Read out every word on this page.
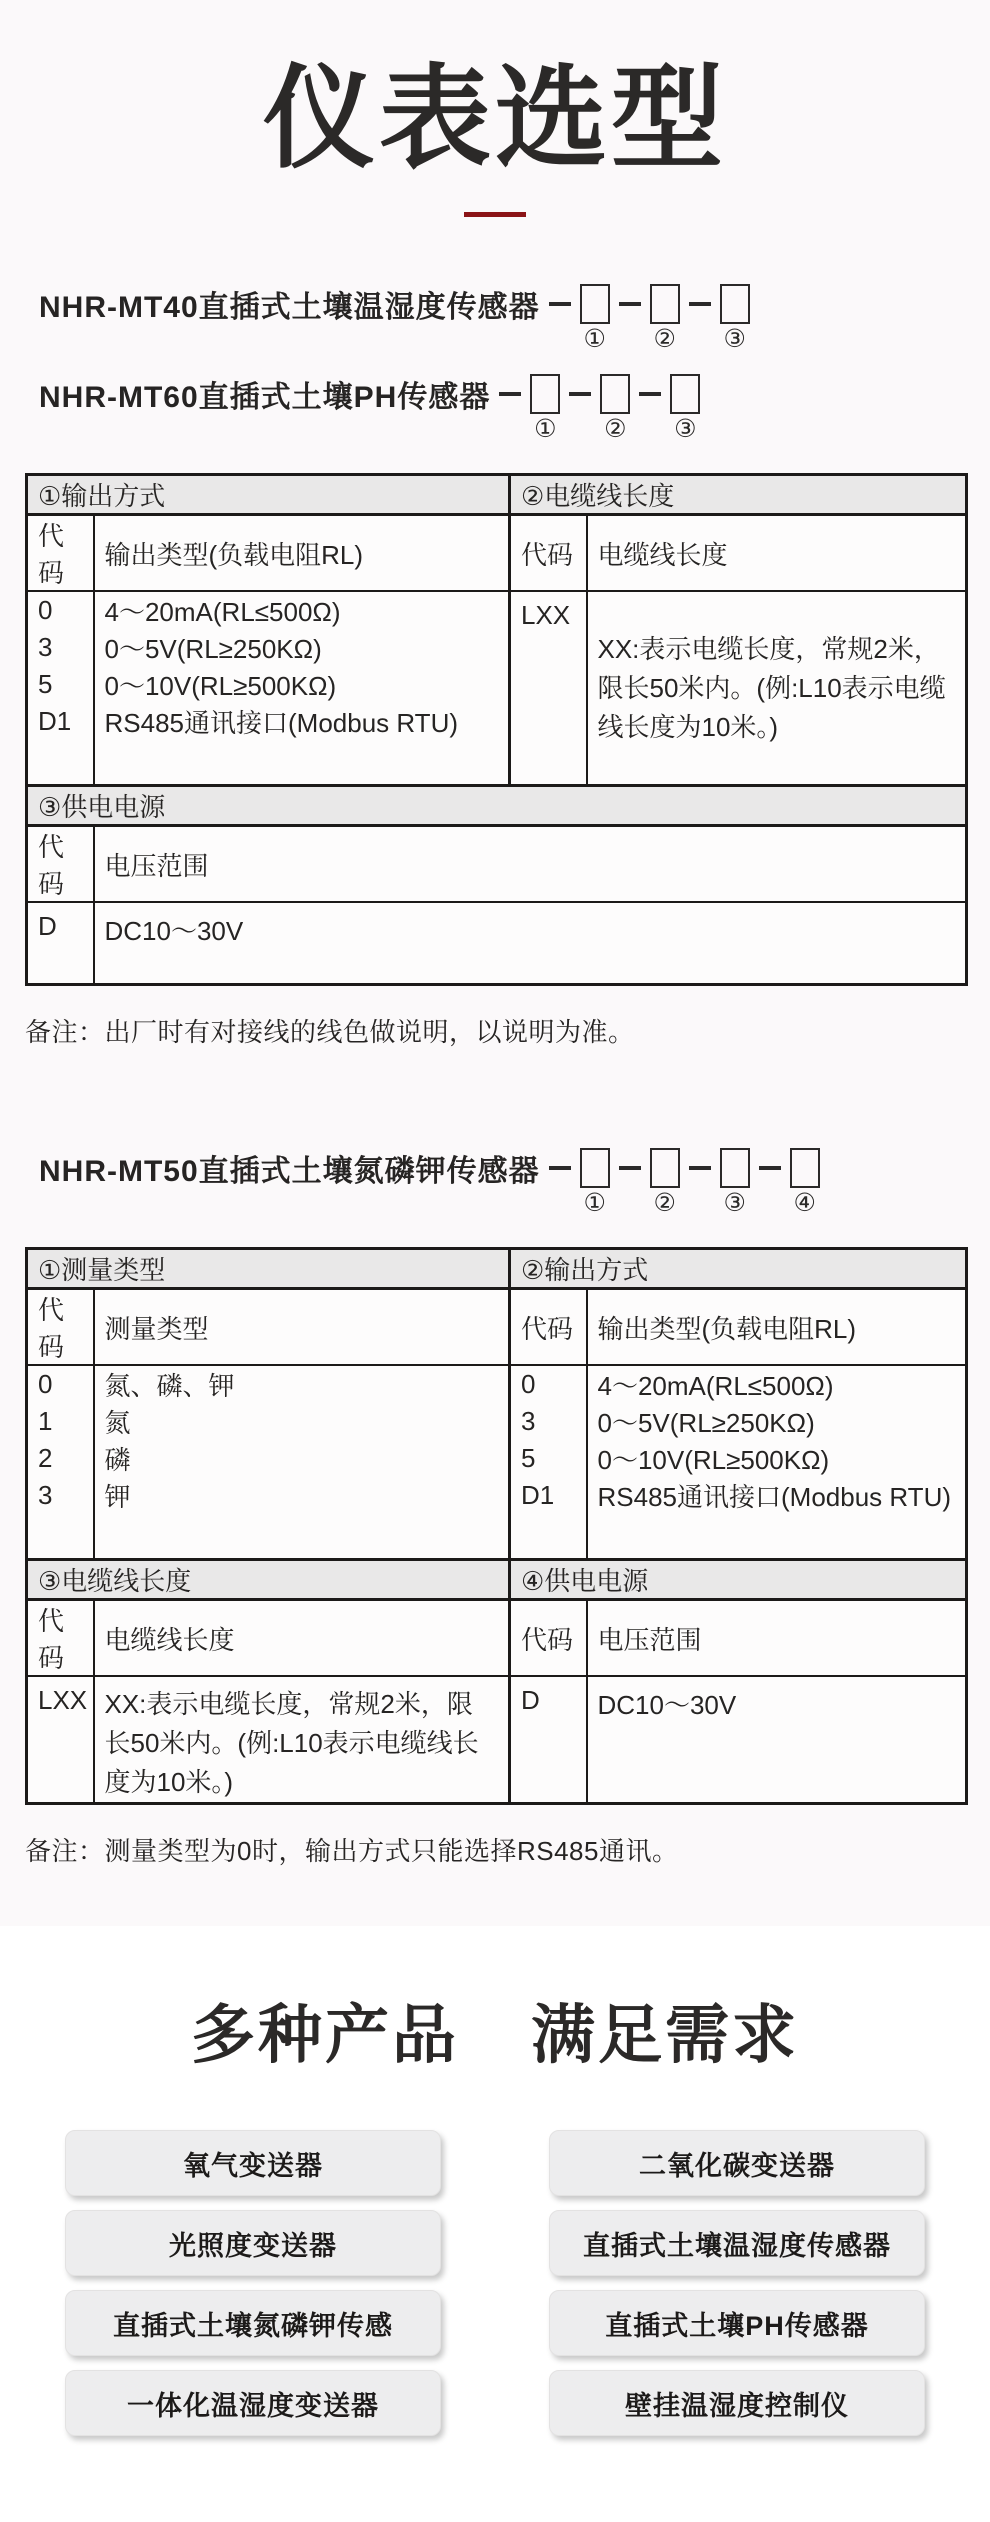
仪表选型
NHR-MT40直插式土壤温湿度传感器
① ② ③
NHR-MT60直插式土壤PH传感器
① ② ③
①输出方式		②电缆线长度	
代码	输出类型(负载电阻RL)	代码	电缆线长度
0	4～20mA(RL≤500Ω)	LXX	XX:表示电缆长度，常规2米，限长50米内。(例:L10表示电缆线长度为10米。)
3	0～5V(RL≥250KΩ)		
5	0～10V(RL≥500KΩ)		
D1	RS485通讯接口(Modbus RTU)		

③供电电源			
代码	电压范围		
D	DC10～30V		
备注：出厂时有对接线的线色做说明，以说明为准。
NHR-MT50直插式土壤氮磷钾传感器
① ② ③ ④
①测量类型		②输出方式	
代码	测量类型	代码	输出类型(负载电阻RL)
0	氮、磷、钾	0	4～20mA(RL≤500Ω)
1	氮	3	0～5V(RL≥250KΩ)
2	磷	5	0～10V(RL≥500KΩ)
3	钾	D1	RS485通讯接口(Modbus RTU)

③电缆线长度		④供电电源	
代码	电缆线长度	代码	电压范围
LXX	XX:表示电缆长度，常规2米，限长50米内。(例:L10表示电缆线长度为10米。)	D	DC10～30V
备注：测量类型为0时，输出方式只能选择RS485通讯。
多种产品 满足需求
氧气变送器	二氧化碳变送器
光照度变送器	直插式土壤温湿度传感器
直插式土壤氮磷钾传感	直插式土壤PH传感器
一体化温湿度变送器	壁挂温湿度控制仪
